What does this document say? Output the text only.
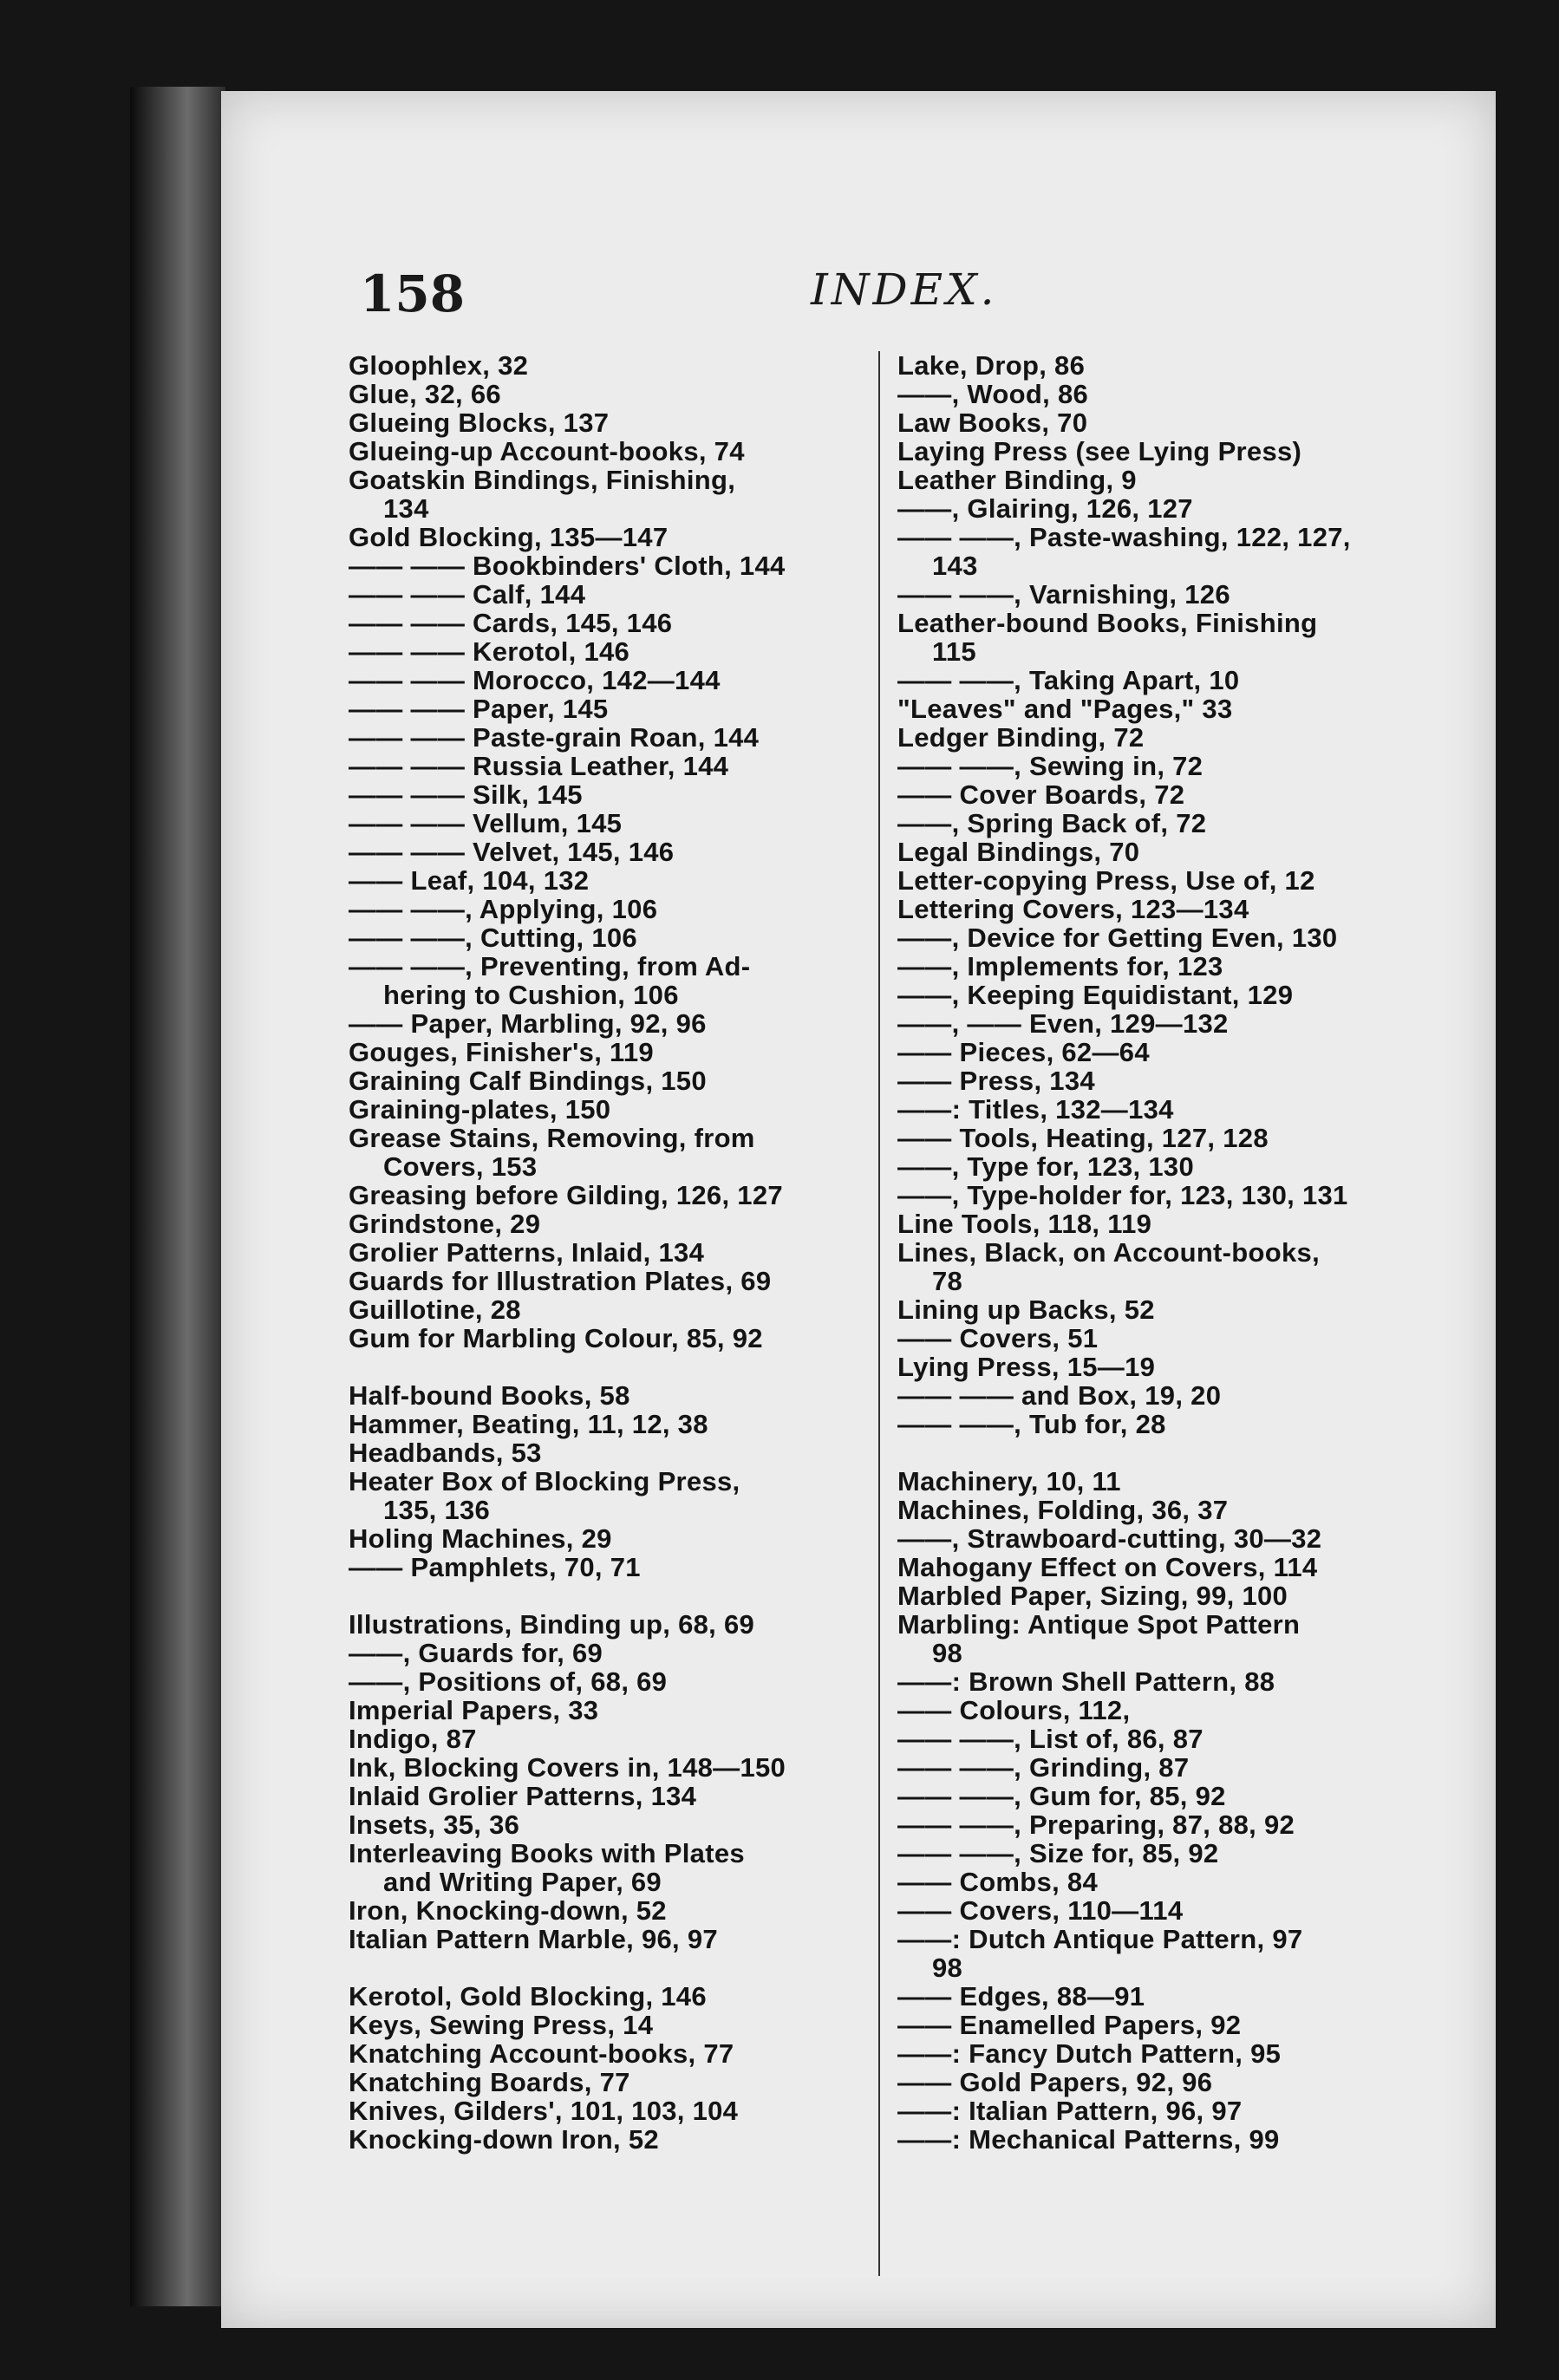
158	INDEX.
Gloophlex, 32
Glue, 32, 66
Glueing Blocks, 137
Glueing-up Account-books, 74
Goatskin Bindings, Finishing,
134
Gold Blocking, 135—147
—— —— Bookbinders' Cloth, 144
—— —— Calf, 144
—— —— Cards, 145, 146
—— —— Kerotol, 146
—— —— Morocco, 142—144
—— —— Paper, 145
—— —— Paste-grain Roan, 144
—— —— Russia Leather, 144
—— —— Silk, 145
—— —— Vellum, 145
—— —— Velvet, 145, 146
—— Leaf, 104, 132
—— ——, Applying, 106
—— ——, Cutting, 106
—— ——, Preventing, from Ad-
hering to Cushion, 106
—— Paper, Marbling, 92, 96
Gouges, Finisher's, 119
Graining Calf Bindings, 150
Graining-plates, 150
Grease Stains, Removing, from
Covers, 153
Greasing before Gilding, 126, 127
Grindstone, 29
Grolier Patterns, Inlaid, 134
Guards for Illustration Plates, 69
Guillotine, 28
Gum for Marbling Colour, 85, 92
Half-bound Books, 58
Hammer, Beating, 11, 12, 38
Headbands, 53
Heater Box of Blocking Press,
135, 136
Holing Machines, 29
—— Pamphlets, 70, 71
Illustrations, Binding up, 68, 69
——, Guards for, 69
——, Positions of, 68, 69
Imperial Papers, 33
Indigo, 87
Ink, Blocking Covers in, 148—150
Inlaid Grolier Patterns, 134
Insets, 35, 36
Interleaving Books with Plates
and Writing Paper, 69
Iron, Knocking-down, 52
Italian Pattern Marble, 96, 97
Kerotol, Gold Blocking, 146
Keys, Sewing Press, 14
Knatching Account-books, 77
Knatching Boards, 77
Knives, Gilders', 101, 103, 104
Knocking-down Iron, 52
Lake, Drop, 86
——, Wood, 86
Law Books, 70
Laying Press (see Lying Press)
Leather Binding, 9
——, Glairing, 126, 127
—— ——, Paste-washing, 122, 127,
143
—— ——, Varnishing, 126
Leather-bound Books, Finishing
115
—— ——, Taking Apart, 10
"Leaves" and "Pages," 33
Ledger Binding, 72
—— ——, Sewing in, 72
—— Cover Boards, 72
——, Spring Back of, 72
Legal Bindings, 70
Letter-copying Press, Use of, 12
Lettering Covers, 123—134
——, Device for Getting Even, 130
——, Implements for, 123
——, Keeping Equidistant, 129
——, —— Even, 129—132
—— Pieces, 62—64
—— Press, 134
——: Titles, 132—134
—— Tools, Heating, 127, 128
——, Type for, 123, 130
——, Type-holder for, 123, 130, 131
Line Tools, 118, 119
Lines, Black, on Account-books,
78
Lining up Backs, 52
—— Covers, 51
Lying Press, 15—19
—— —— and Box, 19, 20
—— ——, Tub for, 28
Machinery, 10, 11
Machines, Folding, 36, 37
——, Strawboard-cutting, 30—32
Mahogany Effect on Covers, 114
Marbled Paper, Sizing, 99, 100
Marbling: Antique Spot Pattern
98
——: Brown Shell Pattern, 88
—— Colours, 112,
—— ——, List of, 86, 87
—— ——, Grinding, 87
—— ——, Gum for, 85, 92
—— ——, Preparing, 87, 88, 92
—— ——, Size for, 85, 92
—— Combs, 84
—— Covers, 110—114
——: Dutch Antique Pattern, 97
98
—— Edges, 88—91
—— Enamelled Papers, 92
——: Fancy Dutch Pattern, 95
—— Gold Papers, 92, 96
——: Italian Pattern, 96, 97
——: Mechanical Patterns, 99
